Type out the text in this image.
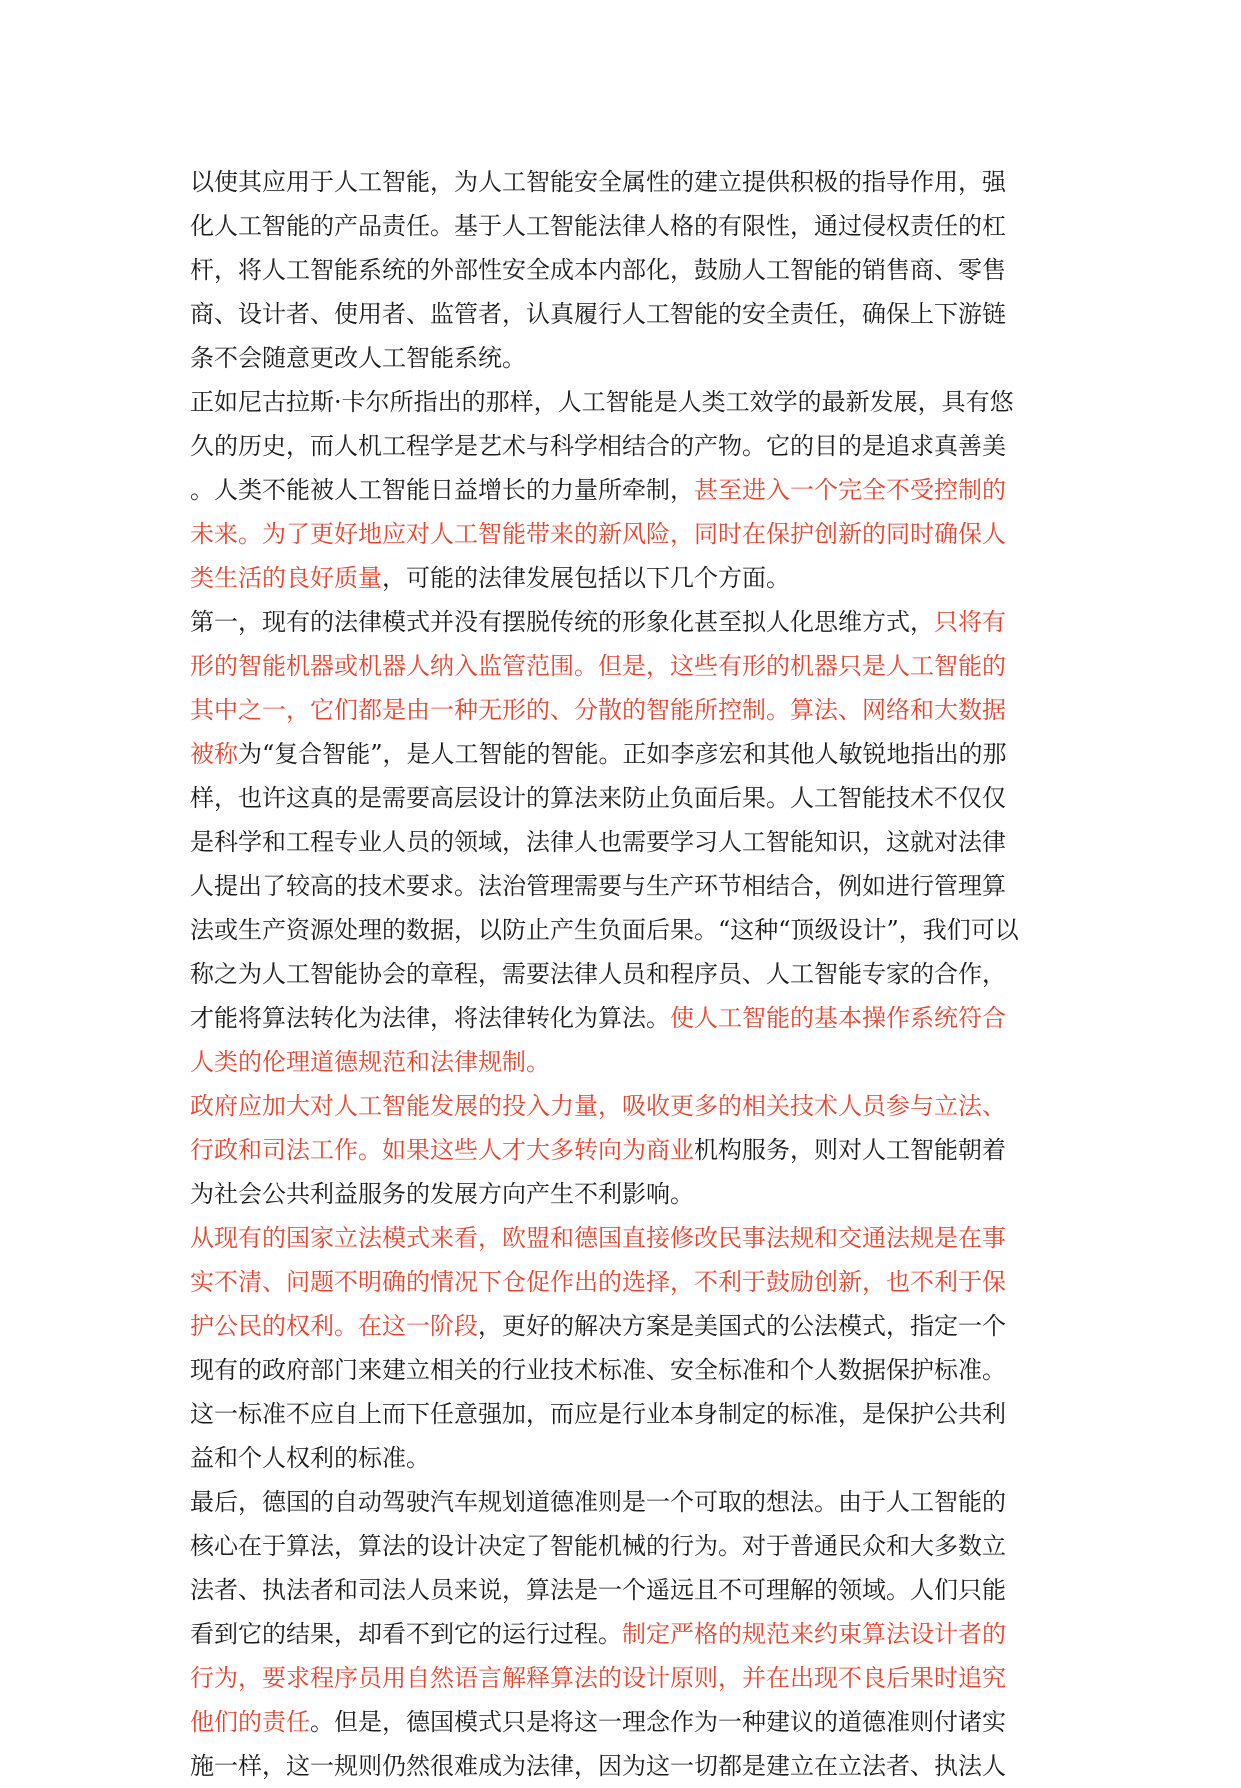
以使其应用于人工智能，为人工智能安全属性的建立提供积极的指导作用，强
化人工智能的产品责任。基于人工智能法律人格的有限性，通过侵权责任的杠
杆，将人工智能系统的外部性安全成本内部化，鼓励人工智能的销售商、零售
商、设计者、使用者、监管者，认真履行人工智能的安全责任，确保上下游链
条不会随意更改人工智能系统。
正如尼古拉斯·卡尔所指出的那样，人工智能是人类工效学的最新发展，具有悠
久的历史，而人机工程学是艺术与科学相结合的产物。它的目的是追求真善美
。人类不能被人工智能日益增长的力量所牵制，甚至进入一个完全不受控制的
未来。为了更好地应对人工智能带来的新风险，同时在保护创新的同时确保人
类生活的良好质量，可能的法律发展包括以下几个方面。
第一，现有的法律模式并没有摆脱传统的形象化甚至拟人化思维方式，只将有
形的智能机器或机器人纳入监管范围。但是，这些有形的机器只是人工智能的
其中之一，它们都是由一种无形的、分散的智能所控制。算法、网络和大数据
被称为“复合智能”，是人工智能的智能。正如李彦宏和其他人敏锐地指出的那
样，也许这真的是需要高层设计的算法来防止负面后果。人工智能技术不仅仅
是科学和工程专业人员的领域，法律人也需要学习人工智能知识，这就对法律
人提出了较高的技术要求。法治管理需要与生产环节相结合，例如进行管理算
法或生产资源处理的数据，以防止产生负面后果。“这种“顶级设计”，我们可以
称之为人工智能协会的章程，需要法律人员和程序员、人工智能专家的合作，
才能将算法转化为法律，将法律转化为算法。使人工智能的基本操作系统符合
人类的伦理道德规范和法律规制。
政府应加大对人工智能发展的投入力量，吸收更多的相关技术人员参与立法、
行政和司法工作。如果这些人才大多转向为商业机构服务，则对人工智能朝着
为社会公共利益服务的发展方向产生不利影响。
从现有的国家立法模式来看，欧盟和德国直接修改民事法规和交通法规是在事
实不清、问题不明确的情况下仓促作出的选择，不利于鼓励创新，也不利于保
护公民的权利。在这一阶段，更好的解决方案是美国式的公法模式，指定一个
现有的政府部门来建立相关的行业技术标准、安全标准和个人数据保护标准。
这一标准不应自上而下任意强加，而应是行业本身制定的标准，是保护公共利
益和个人权利的标准。
最后，德国的自动驾驶汽车规划道德准则是一个可取的想法。由于人工智能的
核心在于算法，算法的设计决定了智能机械的行为。对于普通民众和大多数立
法者、执法者和司法人员来说，算法是一个遥远且不可理解的领域。人们只能
看到它的结果，却看不到它的运行过程。制定严格的规范来约束算法设计者的
行为，要求程序员用自然语言解释算法的设计原则，并在出现不良后果时追究
他们的责任。但是，德国模式只是将这一理念作为一种建议的道德准则付诸实
施一样，这一规则仍然很难成为法律，因为这一切都是建立在立法者、执法人
